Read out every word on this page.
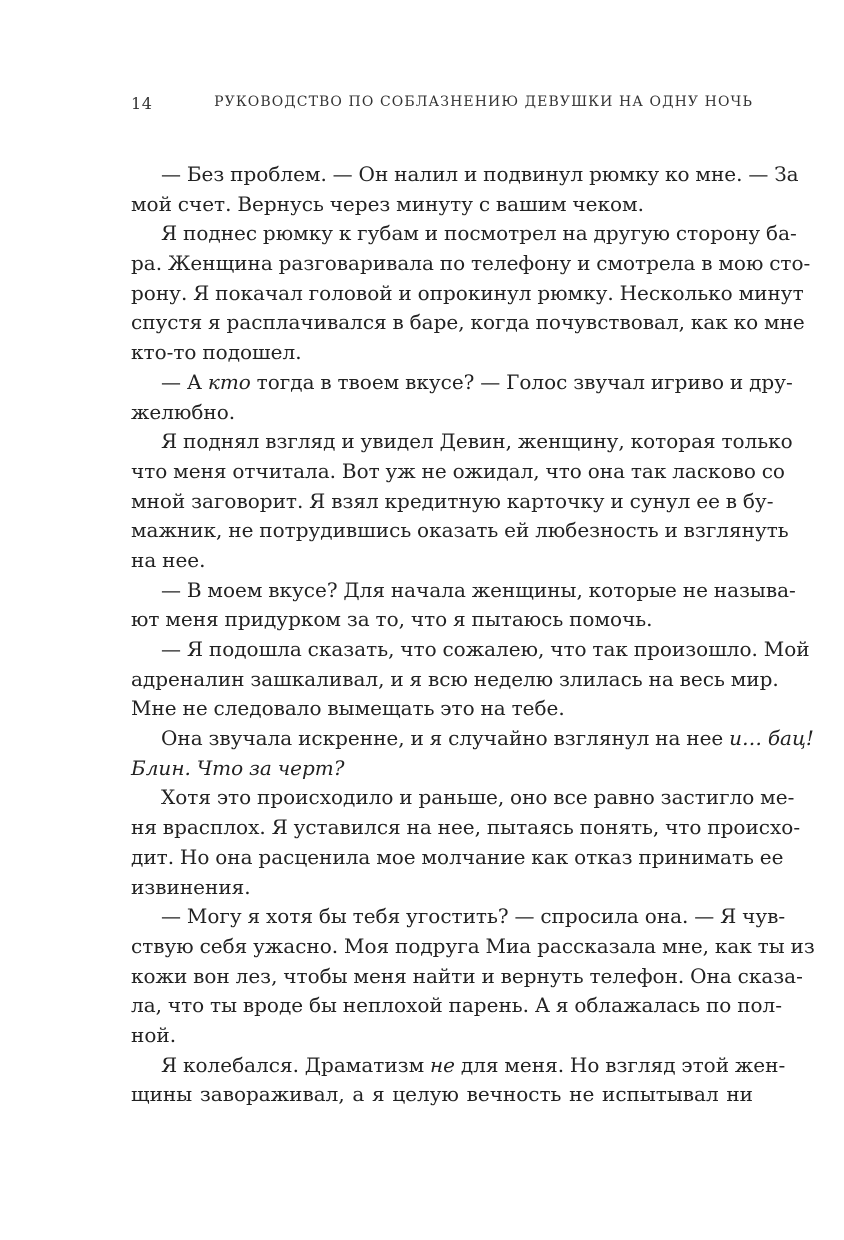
14	РУКОВОДСТВО ПО СОБЛАЗНЕНИЮ ДЕВУШКИ НА ОДНУ НОЧЬ
— Без проблем. — Он налил и подвинул рюмку ко мне. — За
мой счет. Вернусь через минуту с вашим чеком.
Я поднес рюмку к губам и посмотрел на другую сторону ба-
ра. Женщина разговаривала по телефону и смотрела в мою сто-
рону. Я покачал головой и опрокинул рюмку. Несколько минут
спустя я расплачивался в баре, когда почувствовал, как ко мне
кто-то подошел.
— А кто тогда в твоем вкусе? — Голос звучал игриво и дру-
желюбно.
Я поднял взгляд и увидел Девин, женщину, которая только
что меня отчитала. Вот уж не ожидал, что она так ласково со
мной заговорит. Я взял кредитную карточку и сунул ее в бу-
мажник, не потрудившись оказать ей любезность и взглянуть
на нее.
— В моем вкусе? Для начала женщины, которые не называ-
ют меня придурком за то, что я пытаюсь помочь.
— Я подошла сказать, что сожалею, что так произошло. Мой
адреналин зашкаливал, и я всю неделю злилась на весь мир.
Мне не следовало вымещать это на тебе.
Она звучала искренне, и я случайно взглянул на нее и… бац!
Блин. Что за черт?
Хотя это происходило и раньше, оно все равно застигло ме-
ня врасплох. Я уставился на нее, пытаясь понять, что происхо-
дит. Но она расценила мое молчание как отказ принимать ее
извинения.
— Могу я хотя бы тебя угостить? — спросила она. — Я чув-
ствую себя ужасно. Моя подруга Миа рассказала мне, как ты из
кожи вон лез, чтобы меня найти и вернуть телефон. Она сказа-
ла, что ты вроде бы неплохой парень. А я облажалась по пол-
ной.
Я колебался. Драматизм не для меня. Но взгляд этой жен-
щины завораживал, а я целую вечность не испытывал ни
